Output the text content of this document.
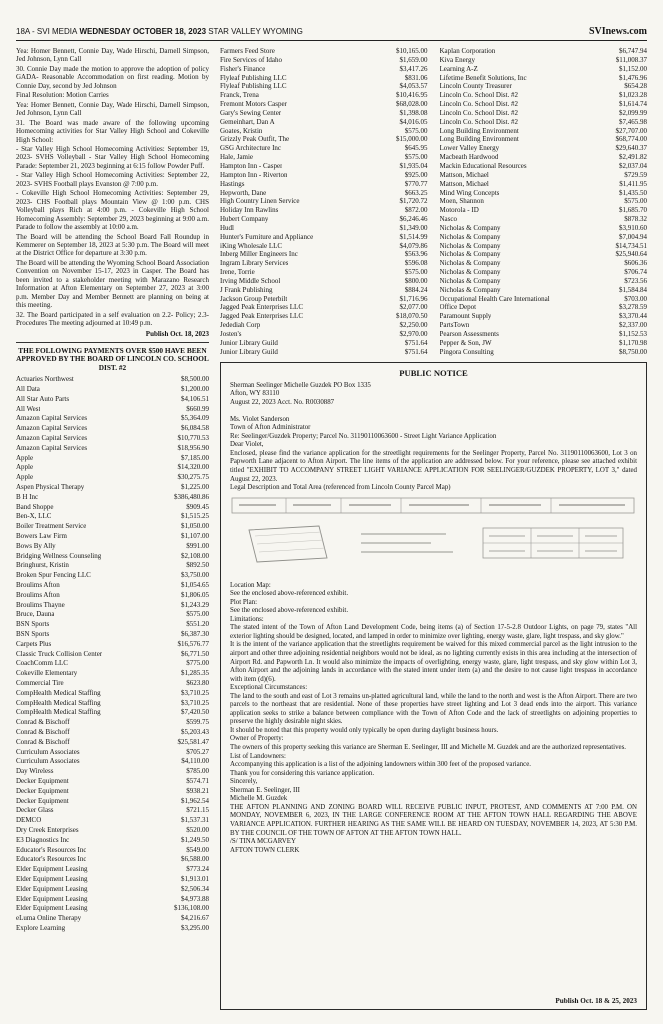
18A - SVI MEDIA WEDNESDAY OCTOBER 18, 2023 STAR VALLEY WYOMING	SVInews.com

Yea: Homer Bennett, Connie Day, Wade Hirschi, Darnell Simpson, Jed Johnson, Lynn Call

30. Connie Day made the motion to approve the adoption of policy GADA- Reasonable Accommodation on first reading. Motion by Connie Day, second by Jed Johnson

Final Resolution: Motion Carries

Yea: Homer Bennett, Connie Day, Wade Hirschi, Darnell Simpson, Jed Johnson, Lynn Call

31. The Board was made aware of the following upcoming Homecoming activities for Star Valley High School and Cokeville High School:

- Star Valley High School Homecoming Activities: September 19, 2023- SVHS Volleyball - Star Valley High School Homecoming Parade: September 21, 2023 beginning at 6:15 follow Powder Puff.

- Star Valley High School Homecoming Activities: September 22, 2023- SVHS Football plays Evanston @ 7:00 p.m.

- Cokeville High School Homecoming Activities: September 29, 2023- CHS Football plays Mountain View @ 1:00 p.m. CHS Volleyball plays Rich at 4:00 p.m. - Cokeville High School Homecoming Assembly: September 29, 2023 beginning at 9:00 a.m. Parade to follow the assembly at 10:00 a.m.

The Board will be attending the School Board Fall Roundup in Kemmerer on September 18, 2023 at 5:30 p.m. The Board will meet at the District Office for departure at 3:30 p.m.

The Board will be attending the Wyoming School Board Association Convention on November 15-17, 2023 in Casper. The Board has been invited to a stakeholder meeting with Marazano Research Information at Afton Elementary on September 27, 2023 at 3:00 p.m. Member Day and Member Bennett are planning on being at this meeting.

32. The Board participated in a self evaluation on 2.2- Policy; 2.3- Procedures The meeting adjourned at 10:49 p.m.

Publish Oct. 18, 2023
THE FOLLOWING PAYMENTS OVER $500 HAVE BEEN APPROVED BY THE BOARD OF LINCOLN CO. SCHOOL DIST. #2
Actuaries Northwest	$8,500.00
All Data	$1,200.00
All Star Auto Parts	$4,106.51
All West	$660.99
Amazon Capital Services	$5,364.09
Amazon Capital Services	$6,084.58
Amazon Capital Services	$10,770.53
Amazon Capital Services	$18,956.90
Apple	$7,185.00
Apple	$14,320.00
Apple	$30,275.75
Aspen Physical Therapy	$1,225.00
B H Inc	$386,480.86
Band Shoppe	$909.45
Ben-X, LLC	$1,515.25
Boiler Treatment Service	$1,050.00
Bowers Law Firm	$1,107.00
Bows By Ally	$991.00
Bridging Wellness Counseling	$2,108.00
Bringhurst, Kristin	$892.50
Broken Spur Fencing LLC	$3,750.00
Broulims Afton	$1,054.65
Broulims Afton	$1,806.05
Broulims Thayne	$1,243.29
Bruce, Dauna	$575.00
BSN Sports	$551.20
BSN Sports	$6,387.30
Carpets Plus	$16,576.77
Classic Truck Collision Center	$6,771.50
CoachComm LLC	$775.00
Cokeville Elementary	$1,285.35
Commercial Tire	$623.80
CompHealth Medical Staffing	$3,710.25
CompHealth Medical Staffing	$3,710.25
CompHealth Medical Staffing	$7,420.50
Conrad & Bischoff	$599.75
Conrad & Bischoff	$5,203.43
Conrad & Bischoff	$25,581.47
Curriculum Associates	$705.27
Curriculum Associates	$4,110.00
Day Wireless	$785.00
Decker Equipment	$574.71
Decker Equipment	$938.21
Decker Equipment	$1,962.54
Decker Glass	$721.15
DEMCO	$1,537.31
Dry Creek Enterprises	$520.00
E3 Diagnostics Inc	$1,249.50
Educator's Resources Inc	$549.00
Educator's Resources Inc	$6,588.00
Elder Equipment Leasing	$773.24
Elder Equipment Leasing	$1,913.01
Elder Equipment Leasing	$2,506.34
Elder Equipment Leasing	$4,973.88
Elder Equipment Leasing	$136,108.00
eLuma Online Therapy	$4,216.67
Explore Learning	$3,295.00
Farmers Feed Store	$10,165.00
Fire Services of Idaho	$1,659.00
Fisher's Finance	$3,417.26
Flyleaf Publishing LLC	$831.06
Flyleaf Publishing LLC	$4,053.57
Franck, Trena	$10,416.95
Fremont Motors Casper	$68,028.00
Gary's Sewing Center	$1,398.08
Gemeinhart, Dan A	$4,016.05
Goates, Kristin	$575.00
Grizzly Peak Outfit, The	$15,000.00
GSG Architecture Inc	$645.95
Hale, Jamie	$575.00
Hampton Inn - Casper	$1,935.04
Hampton Inn - Riverton	$925.00
Hastings	$770.77
Hepworth, Dane	$663.25
High Country Linen Service	$1,720.72
Holiday Inn Rawlins	$872.00
Hubert Company	$6,246.46
Hudl	$1,349.00
Hunter's Furniture and Appliance	$1,514.99
iKing Wholesale LLC	$4,079.86
Inberg Miller Engineers Inc	$563.96
Ingram Library Services	$596.08
Irene, Torrie	$575.00
Irving Middle School	$800.00
J Frank Publishing	$884.24
Jackson Group Peterbilt	$1,716.96
Jagged Peak Enterprises LLC	$2,077.00
Jagged Peak Enterprises LLC	$18,070.50
Jedediah Corp	$2,250.00
Josten's	$2,970.00
Junior Library Guild	$751.64
Junior Library Guild	$751.64
Kaplan Corporation	$6,747.94
Kiva Energy	$11,008.37
Learning A-Z	$1,152.00
Lifetime Benefit Solutions, Inc	$1,476.96
Lincoln County Treasurer	$654.28
Lincoln Co. School Dist. #2	$1,023.28
Lincoln Co. School Dist. #2	$1,614.74
Lincoln Co. School Dist. #2	$2,099.99
Lincoln Co. School Dist. #2	$7,465.98
Long Building Environment	$27,707.00
Long Building Environment	$68,774.00
Lower Valley Energy	$29,640.37
Macbeath Hardwood	$2,491.82
Mackin Educational Resources	$2,037.04
Mattson, Michael	$729.59
Mattson, Michael	$1,411.95
Mind Wing Concepts	$1,435.50
Moen, Shannon	$575.00
Motorola - ID	$1,685.70
Nasco	$878.32
Nicholas & Company	$3,910.60
Nicholas & Company	$7,004.94
Nicholas & Company	$14,734.51
Nicholas & Company	$25,940.64
Nicholas & Company	$606.36
Nicholas & Company	$706.74
Nicholas & Company	$723.56
Nicholas & Company	$1,584.84
Occupational Health Care International	$703.00
Office Depot	$3,278.59
Paramount Supply	$3,370.44
PartsTown	$2,337.00
Pearson Assessments	$1,152.53
Pepper & Son, JW	$1,170.98
Pingora Consulting	$8,750.00
PUBLIC NOTICE

Sherman Seelinger Michelle Guzdek PO Box 1335

Afton, WY 83110

August 22, 2023 Acct. No. R0030887

Ms. Violet Sanderson

Town of Afton Administrator

Re: Seelinger/Guzdek Property; Parcel No. 31190110063600 - Street Light Variance Application

Dear Violet,

Enclosed, please find the variance application for the streetlight requirements for the Seelinger Property, Parcel No. 31190110063600, Lot 3 on Papworth Lane adjacent to Afton Airport. The line items of the application are addressed below. For your reference, please see attached exhibit titled "EXHIBIT TO ACCOMPANY STREET LIGHT VARIANCE APPLICATION FOR SEELINGER/GUZDEK PROPERTY, LOT 3," dated August 22, 2023.

Legal Description and Total Area (referenced from Lincoln County Parcel Map)

Location Map:

See the enclosed above-referenced exhibit.

Plot Plan:

See the enclosed above-referenced exhibit.

Limitations:

The stated intent of the Town of Afton Land Development Code, being items (a) of Section 17-5-2.8 Outdoor Lights, on page 79, states "All exterior lighting should be designed, located, and lamped in order to minimize over lighting, energy waste, glare, light trespass, and sky glow."

It is the intent of the variance application that the streetlights requirement be waived for this mixed commercial parcel as the light intrusion to the airport and other three adjoining residential neighbors would not be ideal, as no lighting currently exists in this area including at the intersection of Airport Rd. and Papworth Ln. It would also minimize the impacts of overlighting, energy waste, glare, light trespass, and sky glow within Lot 3, Afton Airport and the adjoining lands in accordance with the stated intent under item (a) and the desire to not cause light trespass in accordance with item (d)(6).

Exceptional Circumstances:

The land to the south and east of Lot 3 remains un-platted agricultural land, while the land to the north and west is the Afton Airport. There are two parcels to the northeast that are residential. None of these properties have street lighting and Lot 3 dead ends into the airport. This variance application seeks to strike a balance between compliance with the Town of Afton Code and the lack of streetlights on adjoining properties to preserve the highly desirable night skies.

It should be noted that this property would only typically be open during daylight business hours.

Owner of Property:

The owners of this property seeking this variance are Sherman E. Seelinger, III and Michelle M. Guzdek and are the authorized representatives.

List of Landowners:

Accompanying this application is a list of the adjoining landowners within 300 feet of the proposed variance.

Thank you for considering this variance application.

Sincerely,

Sherman E. Seelinger, III

Michelle M. Guzdek

THE AFTON PLANNING AND ZONING BOARD WILL RECEIVE PUBLIC INPUT, PROTEST, AND COMMENTS AT 7:00 P.M. ON MONDAY, NOVEMBER 6, 2023, IN THE LARGE CONFERENCE ROOM AT THE AFTON TOWN HALL REGARDING THE ABOVE VARIANCE APPLICATION. FURTHER HEARING AS THE SAME WILL BE HEARD ON TUESDAY, NOVEMBER 14, 2023, AT 5:30 P.M. BY THE COUNCIL OF THE TOWN OF AFTON AT THE AFTON TOWN HALL.

/S/ TINA MCGARVEY

AFTON TOWN CLERK

Publish Oct. 18 & 25, 2023
